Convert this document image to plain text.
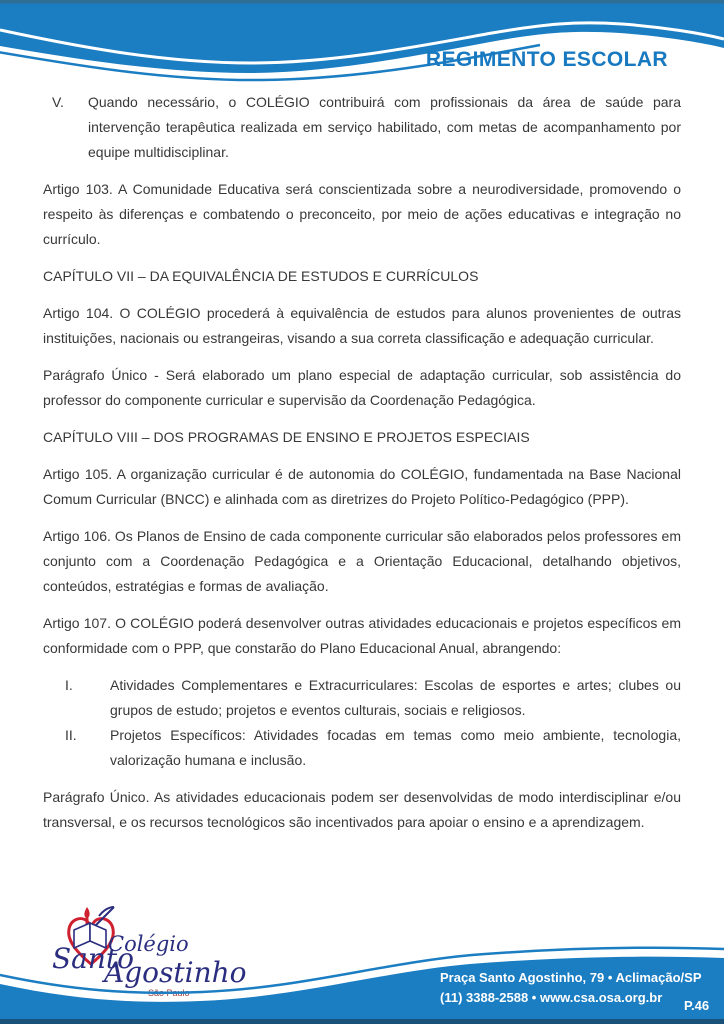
REGIMENTO ESCOLAR
V. Quando necessário, o COLÉGIO contribuirá com profissionais da área de saúde para intervenção terapêutica realizada em serviço habilitado, com metas de acompanhamento por equipe multidisciplinar.

Artigo 103. A Comunidade Educativa será conscientizada sobre a neurodiversidade, promovendo o respeito às diferenças e combatendo o preconceito, por meio de ações educativas e integração no currículo.

CAPÍTULO VII – DA EQUIVALÊNCIA DE ESTUDOS E CURRÍCULOS

Artigo 104. O COLÉGIO procederá à equivalência de estudos para alunos provenientes de outras instituições, nacionais ou estrangeiras, visando a sua correta classificação e adequação curricular.

Parágrafo Único - Será elaborado um plano especial de adaptação curricular, sob assistência do professor do componente curricular e supervisão da Coordenação Pedagógica.

CAPÍTULO VIII – DOS PROGRAMAS DE ENSINO E PROJETOS ESPECIAIS

Artigo 105. A organização curricular é de autonomia do COLÉGIO, fundamentada na Base Nacional Comum Curricular (BNCC) e alinhada com as diretrizes do Projeto Político-Pedagógico (PPP).

Artigo 106. Os Planos de Ensino de cada componente curricular são elaborados pelos professores em conjunto com a Coordenação Pedagógica e a Orientação Educacional, detalhando objetivos, conteúdos, estratégias e formas de avaliação.

Artigo 107. O COLÉGIO poderá desenvolver outras atividades educacionais e projetos específicos em conformidade com o PPP, que constarão do Plano Educacional Anual, abrangendo:

I.	Atividades Complementares e Extracurriculares: Escolas de esportes e artes; clubes ou grupos de estudo; projetos e eventos culturais, sociais e religiosos.
II. Projetos Específicos: Atividades focadas em temas como meio ambiente, tecnologia, valorização humana e inclusão.

Parágrafo Único. As atividades educacionais podem ser desenvolvidas de modo interdisciplinar e/ou transversal, e os recursos tecnológicos são incentivados para apoiar o ensino e a aprendizagem.

Colégio
Santo
Agostinho
São Paulo
Praça Santo Agostinho, 79 • Aclimação/SP
(11) 3388-2588 • www.csa.osa.org.br
P.46
